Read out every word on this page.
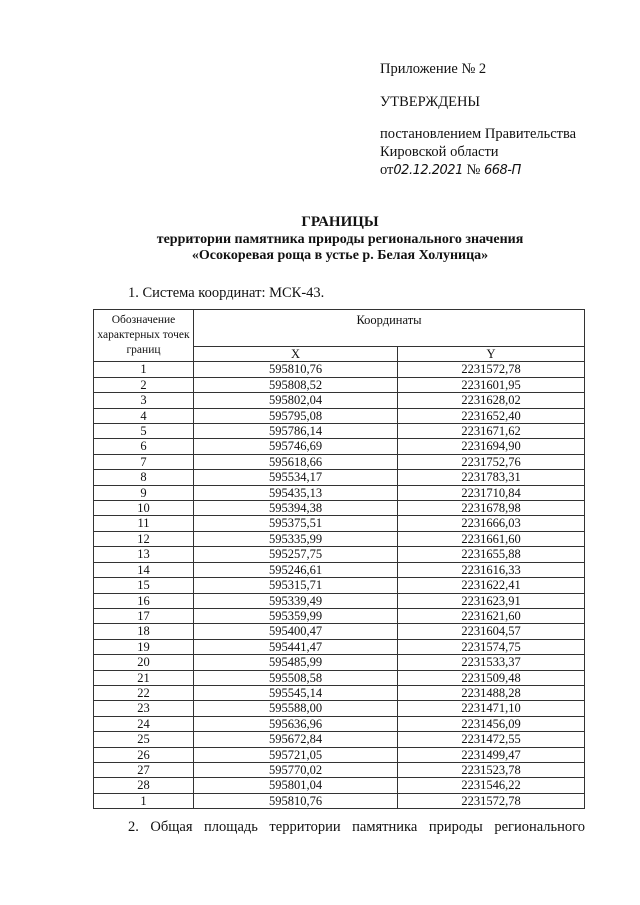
Приложение № 2
УТВЕРЖДЕНЫ
постановлением Правительства
Кировской области
от02.12.2021 № 668-П
ГРАНИЦЫ
территории памятника природы регионального значения
«Осокоревая роща в устье р. Белая Холуница»
1. Система координат: МСК-43.
Обозначение характерных точек границ	Координаты	
	X	Y
1	595810,76	2231572,78
2	595808,52	2231601,95
3	595802,04	2231628,02
4	595795,08	2231652,40
5	595786,14	2231671,62
6	595746,69	2231694,90
7	595618,66	2231752,76
8	595534,17	2231783,31
9	595435,13	2231710,84
10	595394,38	2231678,98
11	595375,51	2231666,03
12	595335,99	2231661,60
13	595257,75	2231655,88
14	595246,61	2231616,33
15	595315,71	2231622,41
16	595339,49	2231623,91
17	595359,99	2231621,60
18	595400,47	2231604,57
19	595441,47	2231574,75
20	595485,99	2231533,37
21	595508,58	2231509,48
22	595545,14	2231488,28
23	595588,00	2231471,10
24	595636,96	2231456,09
25	595672,84	2231472,55
26	595721,05	2231499,47
27	595770,02	2231523,78
28	595801,04	2231546,22
1	595810,76	2231572,78
2. Общая площадь территории памятника природы регионального
